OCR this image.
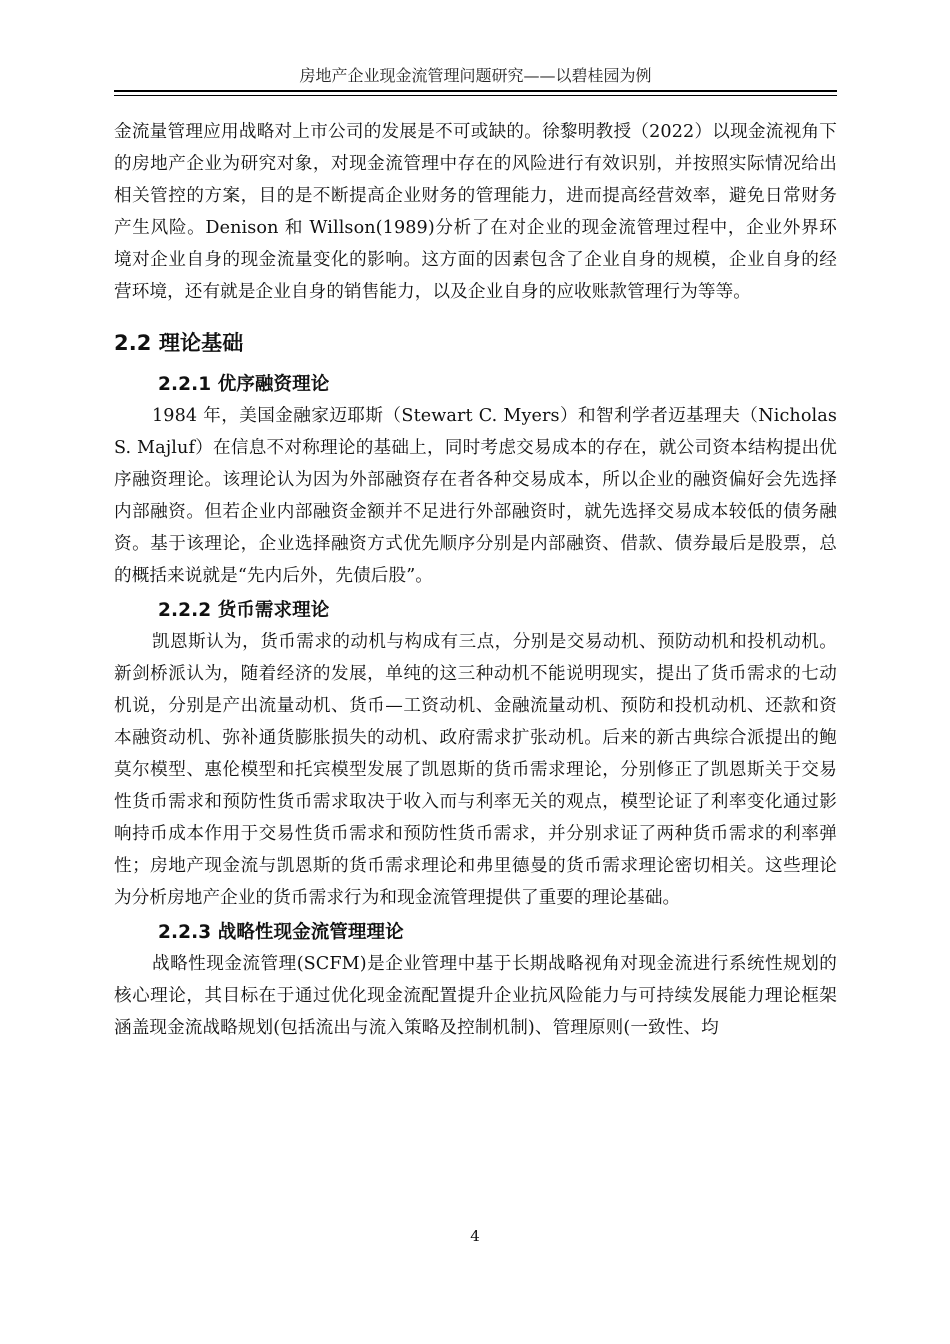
房地产企业现金流管理问题研究——以碧桂园为例

金流量管理应用战略对上市公司的发展是不可或缺的。徐黎明教授（2022）以现金流视角下的房地产企业为研究对象，对现金流管理中存在的风险进行有效识别，并按照实际情况给出相关管控的方案，目的是不断提高企业财务的管理能力，进而提高经营效率，避免日常财务产生风险。Denison 和 Willson(1989)分析了在对企业的现金流管理过程中，企业外界环境对企业自身的现金流量变化的影响。这方面的因素包含了企业自身的规模，企业自身的经营环境，还有就是企业自身的销售能力，以及企业自身的应收账款管理行为等等。

2.2 理论基础
2.2.1 优序融资理论

1984 年，美国金融家迈耶斯（Stewart C. Myers）和智利学者迈基理夫（Nicholas S. Majluf）在信息不对称理论的基础上，同时考虑交易成本的存在，就公司资本结构提出优序融资理论。该理论认为因为外部融资存在者各种交易成本，所以企业的融资偏好会先选择内部融资。但若企业内部融资金额并不足进行外部融资时，就先选择交易成本较低的债务融资。基于该理论，企业选择融资方式优先顺序分别是内部融资、借款、债券最后是股票，总的概括来说就是“先内后外，先债后股”。

2.2.2 货币需求理论

凯恩斯认为，货币需求的动机与构成有三点，分别是交易动机、预防动机和投机动机。新剑桥派认为，随着经济的发展，单纯的这三种动机不能说明现实，提出了货币需求的七动机说，分别是产出流量动机、货币—工资动机、金融流量动机、预防和投机动机、还款和资本融资动机、弥补通货膨胀损失的动机、政府需求扩张动机。后来的新古典综合派提出的鲍莫尔模型、惠伦模型和托宾模型发展了凯恩斯的货币需求理论，分别修正了凯恩斯关于交易性货币需求和预防性货币需求取决于收入而与利率无关的观点，模型论证了利率变化通过影响持币成本作用于交易性货币需求和预防性货币需求，并分别求证了两种货币需求的利率弹性；房地产现金流与凯恩斯的货币需求理论和弗里德曼的货币需求理论密切相关。这些理论为分析房地产企业的货币需求行为和现金流管理提供了重要的理论基础。

2.2.3 战略性现金流管理理论

战略性现金流管理(SCFM)是企业管理中基于长期战略视角对现金流进行系统性规划的核心理论，其目标在于通过优化现金流配置提升企业抗风险能力与可持续发展能力理论框架涵盖现金流战略规划(包括流出与流入策略及控制机制)、管理原则(一致性、均

4
